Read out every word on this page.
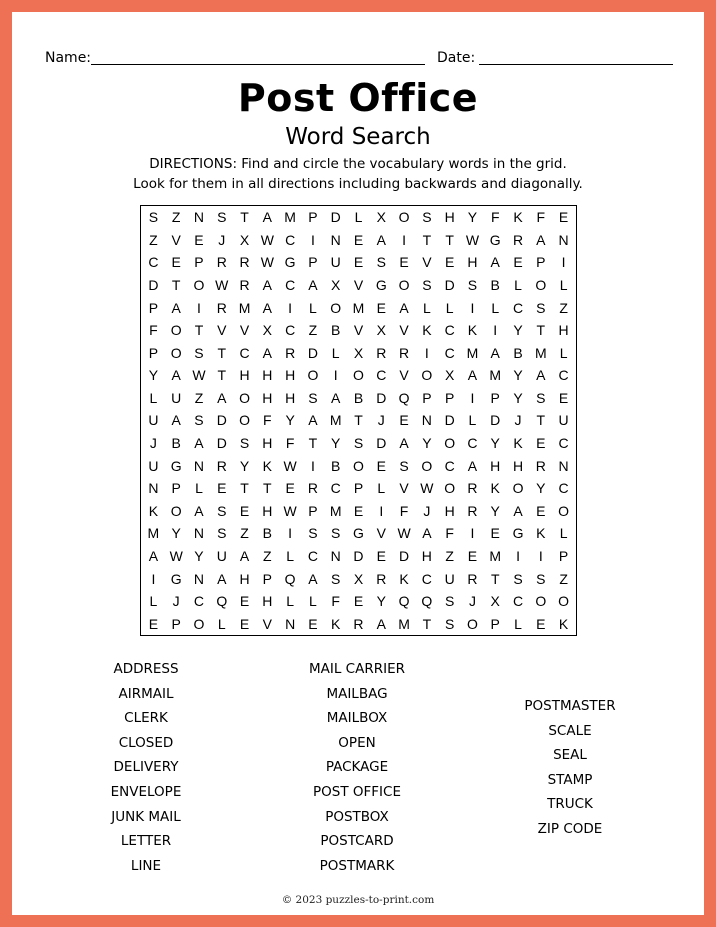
Name:	Date:
Post Office
Word Search
DIRECTIONS: Find and circle the vocabulary words in the grid.
Look for them in all directions including backwards and diagonally.
S Z N S T A M P D L	X O S H Y F K F E
Z V E	J	X W C	I	N E A	I	T	T W G R A N
C E P R R W G P U E S E V E H A E P	I
D T O W R A C A X V G O S D S B	L O L
P A	I	R M A	I	L O M E A	L	L	I	L C S Z
F O T V V X C Z B V X V K C K	I	Y T H
P O S T C A R D L	X R R	I	C M A B M L
Y A W T H H H O	I	O C V O X A M Y A C
L U Z A O H H S A B D Q P P	I	P Y S E
U A S D O F Y A M T	J	E N D L D	J	T U
J	B A D S H F	T Y S D A Y O C Y K E C
U G N R Y K W	I	B O E S O C A H H R N
N P	L	E T	T E R C P	L	V W O R K O Y C
K O A S E H W P M E	I	F	J	H R Y A E O
M Y N S Z B	I	S S G V W A F	I	E G K	L
A W Y U A Z	L C N D E D H Z E M	I	I	P
I	G N A H P Q A S X R K C U R T S S Z
L	J	C Q E H L	L	F E Y Q Q S	J	X C O O
E P O L	E V N E K R A M T S O P	L	E K
ADDRESS
AIRMAIL
CLERK
CLOSED
DELIVERY
ENVELOPE
JUNK MAIL
LETTER
LINE
MAIL CARRIER
MAILBAG
MAILBOX
OPEN
PACKAGE
POST OFFICE
POSTBOX
POSTCARD
POSTMARK
POSTMASTER
SCALE
SEAL
STAMP
TRUCK
ZIP CODE
© 2023 puzzles-to-print.com
